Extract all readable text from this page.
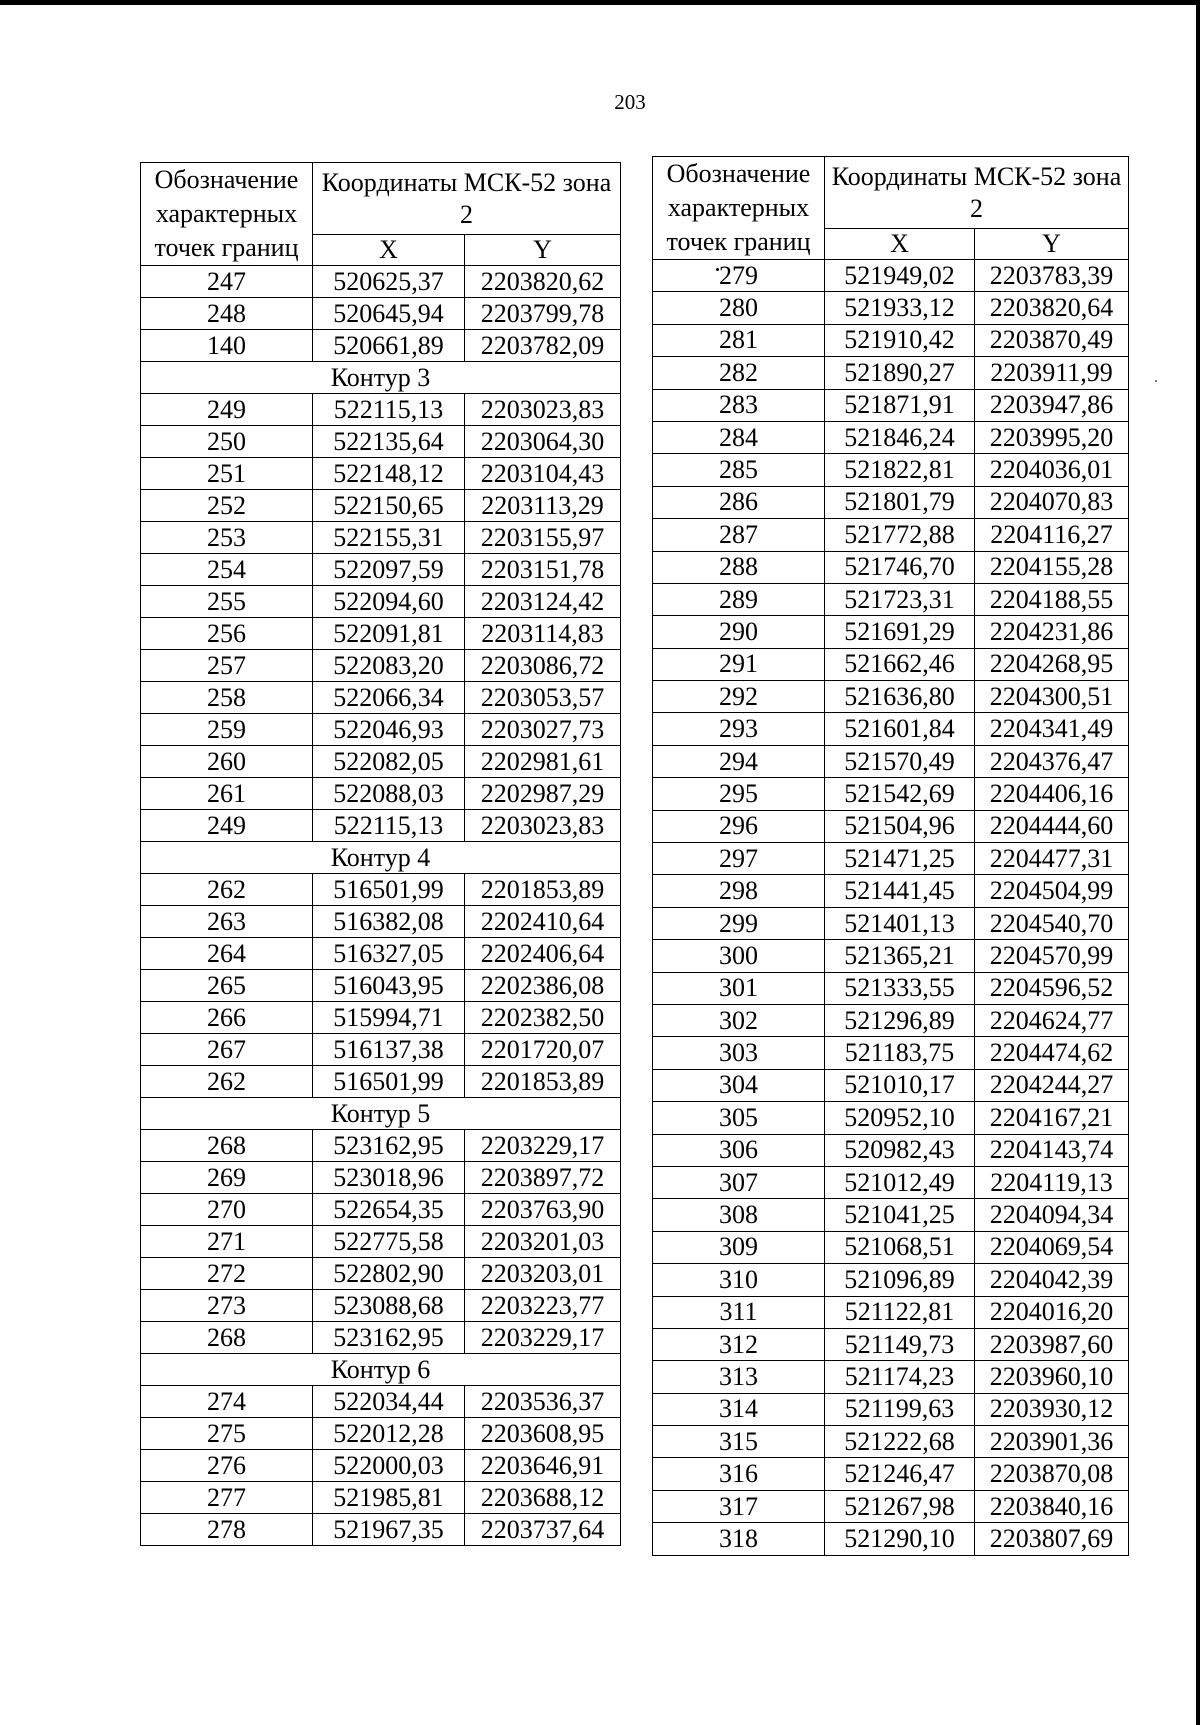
203
Обозначение характерных точек границ	Координаты МСК-52 зона 2	
	X	Y
247	520625,37	2203820,62
248	520645,94	2203799,78
140	520661,89	2203782,09
Контур 3		
249	522115,13	2203023,83
250	522135,64	2203064,30
251	522148,12	2203104,43
252	522150,65	2203113,29
253	522155,31	2203155,97
254	522097,59	2203151,78
255	522094,60	2203124,42
256	522091,81	2203114,83
257	522083,20	2203086,72
258	522066,34	2203053,57
259	522046,93	2203027,73
260	522082,05	2202981,61
261	522088,03	2202987,29
249	522115,13	2203023,83
Контур 4		
262	516501,99	2201853,89
263	516382,08	2202410,64
264	516327,05	2202406,64
265	516043,95	2202386,08
266	515994,71	2202382,50
267	516137,38	2201720,07
262	516501,99	2201853,89
Контур 5		
268	523162,95	2203229,17
269	523018,96	2203897,72
270	522654,35	2203763,90
271	522775,58	2203201,03
272	522802,90	2203203,01
273	523088,68	2203223,77
268	523162,95	2203229,17
Контур 6		
274	522034,44	2203536,37
275	522012,28	2203608,95
276	522000,03	2203646,91
277	521985,81	2203688,12
278	521967,35	2203737,64
Обозначение характерных точек границ	Координаты МСК-52 зона 2	
	X	Y
279	521949,02	2203783,39
280	521933,12	2203820,64
281	521910,42	2203870,49
282	521890,27	2203911,99
283	521871,91	2203947,86
284	521846,24	2203995,20
285	521822,81	2204036,01
286	521801,79	2204070,83
287	521772,88	2204116,27
288	521746,70	2204155,28
289	521723,31	2204188,55
290	521691,29	2204231,86
291	521662,46	2204268,95
292	521636,80	2204300,51
293	521601,84	2204341,49
294	521570,49	2204376,47
295	521542,69	2204406,16
296	521504,96	2204444,60
297	521471,25	2204477,31
298	521441,45	2204504,99
299	521401,13	2204540,70
300	521365,21	2204570,99
301	521333,55	2204596,52
302	521296,89	2204624,77
303	521183,75	2204474,62
304	521010,17	2204244,27
305	520952,10	2204167,21
306	520982,43	2204143,74
307	521012,49	2204119,13
308	521041,25	2204094,34
309	521068,51	2204069,54
310	521096,89	2204042,39
311	521122,81	2204016,20
312	521149,73	2203987,60
313	521174,23	2203960,10
314	521199,63	2203930,12
315	521222,68	2203901,36
316	521246,47	2203870,08
317	521267,98	2203840,16
318	521290,10	2203807,69
